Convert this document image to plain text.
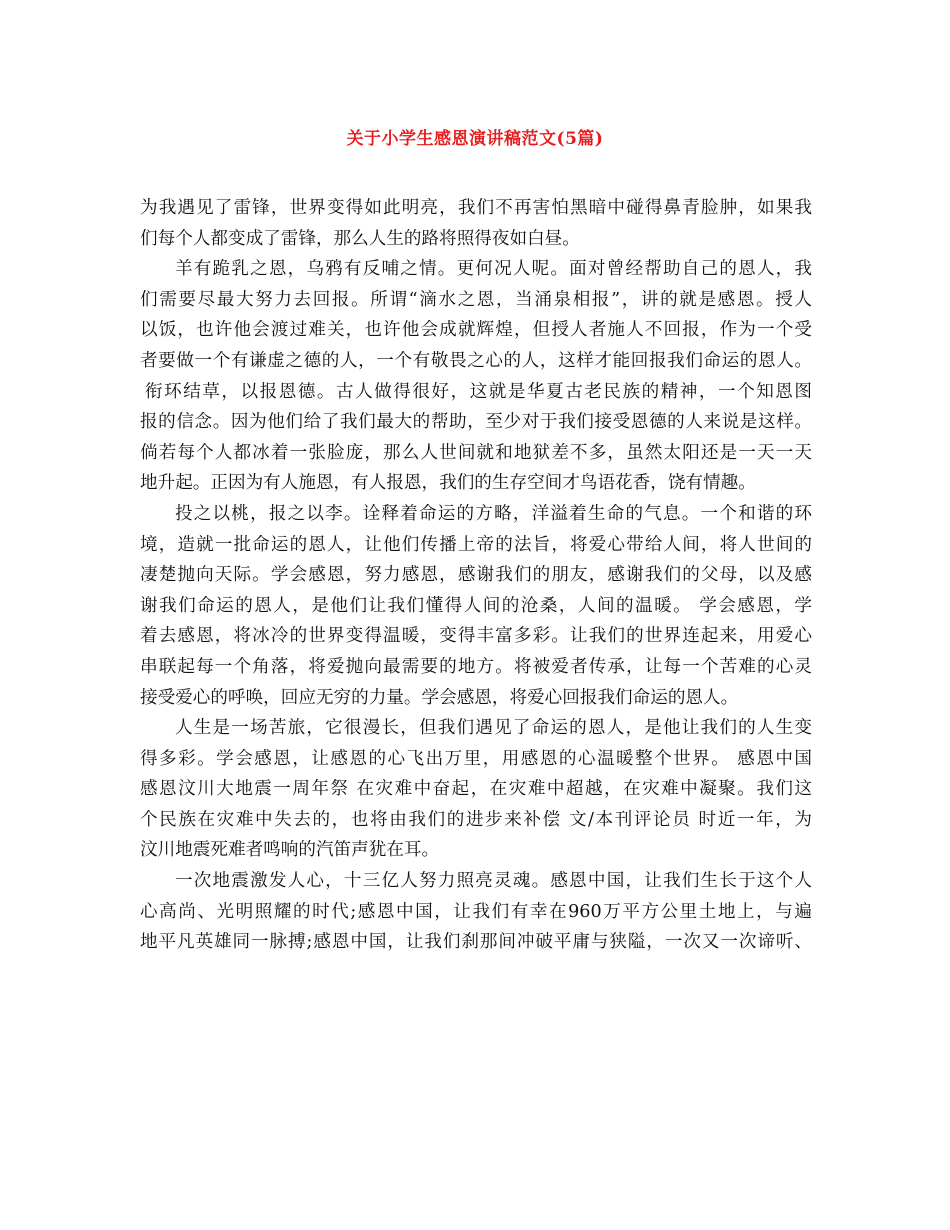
关于小学生感恩演讲稿范文(5篇)
为我遇见了雷锋，世界变得如此明亮，我们不再害怕黑暗中碰得鼻青脸肿，如果我
们每个人都变成了雷锋，那么人生的路将照得夜如白昼。
羊有跪乳之恩，乌鸦有反哺之情。更何况人呢。面对曾经帮助自己的恩人，我
们需要尽最大努力去回报。所谓“滴水之恩，当涌泉相报”，讲的就是感恩。授人
以饭，也许他会渡过难关，也许他会成就辉煌，但授人者施人不回报，作为一个受
者要做一个有谦虚之德的人，一个有敬畏之心的人，这样才能回报我们命运的恩人。
衔环结草，以报恩德。古人做得很好，这就是华夏古老民族的精神，一个知恩图
报的信念。因为他们给了我们最大的帮助，至少对于我们接受恩德的人来说是这样。
倘若每个人都冰着一张脸庞，那么人世间就和地狱差不多，虽然太阳还是一天一天
地升起。正因为有人施恩，有人报恩，我们的生存空间才鸟语花香，饶有情趣。
投之以桃，报之以李。诠释着命运的方略，洋溢着生命的气息。一个和谐的环
境，造就一批命运的恩人，让他们传播上帝的法旨，将爱心带给人间，将人世间的
凄楚抛向天际。学会感恩，努力感恩，感谢我们的朋友，感谢我们的父母，以及感
谢我们命运的恩人，是他们让我们懂得人间的沧桑，人间的温暖。 学会感恩，学
着去感恩，将冰冷的世界变得温暖，变得丰富多彩。让我们的世界连起来，用爱心
串联起每一个角落，将爱抛向最需要的地方。将被爱者传承，让每一个苦难的心灵
接受爱心的呼唤，回应无穷的力量。学会感恩，将爱心回报我们命运的恩人。
人生是一场苦旅，它很漫长，但我们遇见了命运的恩人，是他让我们的人生变
得多彩。学会感恩，让感恩的心飞出万里，用感恩的心温暖整个世界。 感恩中国
感恩汶川大地震一周年祭 在灾难中奋起，在灾难中超越，在灾难中凝聚。我们这
个民族在灾难中失去的，也将由我们的进步来补偿 文/本刊评论员 时近一年，为
汶川地震死难者鸣响的汽笛声犹在耳。
一次地震激发人心，十三亿人努力照亮灵魂。感恩中国，让我们生长于这个人
心高尚、光明照耀的时代;感恩中国，让我们有幸在960万平方公里土地上，与遍
地平凡英雄同一脉搏;感恩中国，让我们刹那间冲破平庸与狭隘，一次又一次谛听、
